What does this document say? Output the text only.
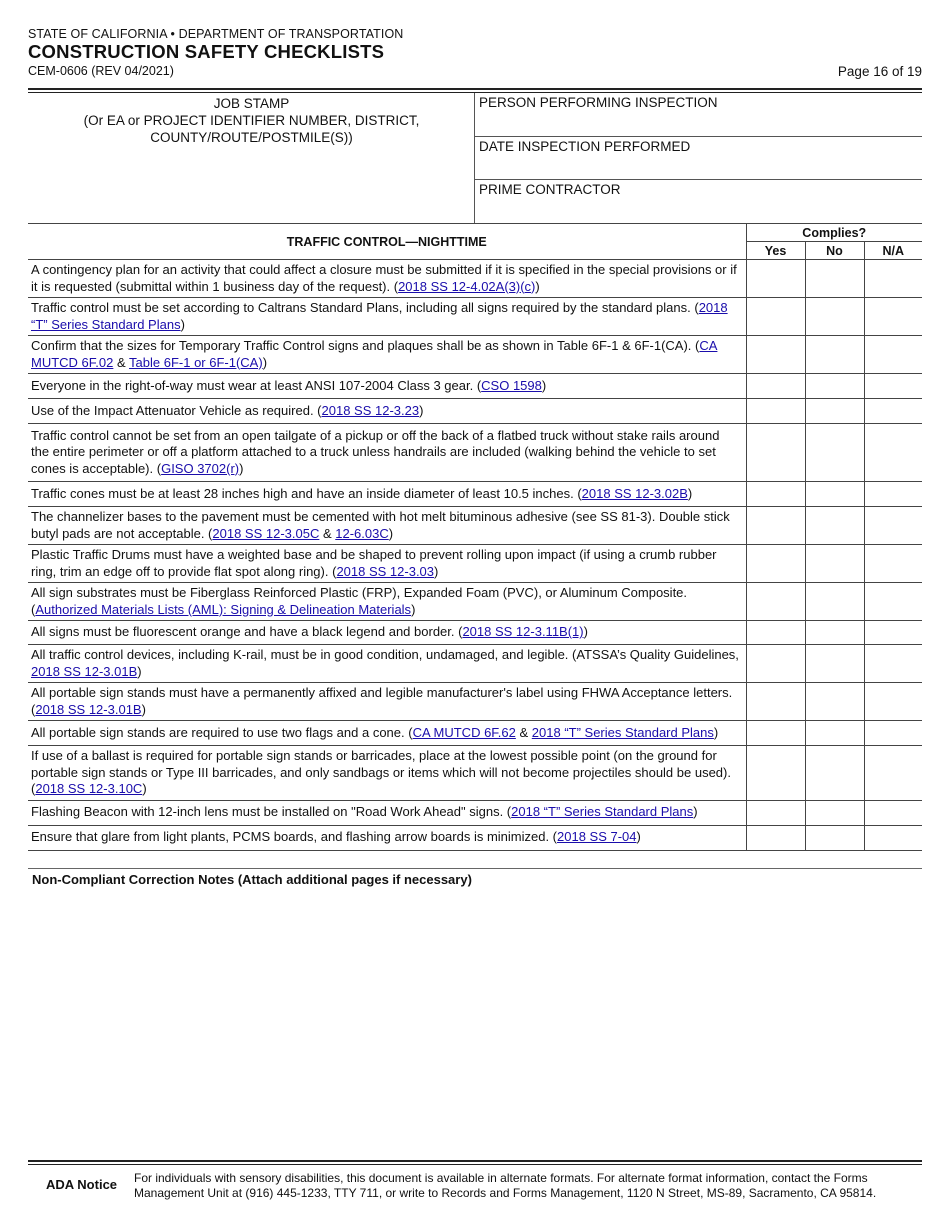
STATE OF CALIFORNIA • DEPARTMENT OF TRANSPORTATION
CONSTRUCTION SAFETY CHECKLISTS
CEM-0606 (REV 04/2021)	Page 16 of 19
JOB STAMP
(Or EA or PROJECT IDENTIFIER NUMBER, DISTRICT,
COUNTY/ROUTE/POSTMILE(S))
PERSON PERFORMING INSPECTION
DATE INSPECTION PERFORMED
PRIME CONTRACTOR
TRAFFIC CONTROL—NIGHTTIME	Complies?		
	Yes	No	N/A
A contingency plan for an activity that could affect a closure must be submitted if it is specified in the special provisions or if it is requested (submittal within 1 business day of the request). (2018 SS 12-4.02A(3)(c))			
Traffic control must be set according to Caltrans Standard Plans, including all signs required by the standard plans. (2018 “T” Series Standard Plans)			
Confirm that the sizes for Temporary Traffic Control signs and plaques shall be as shown in Table 6F-1 & 6F-1(CA). (CA MUTCD 6F.02 & Table 6F-1 or 6F-1(CA))			
Everyone in the right-of-way must wear at least ANSI 107-2004 Class 3 gear. (CSO 1598)			
Use of the Impact Attenuator Vehicle as required. (2018 SS 12-3.23)			
Traffic control cannot be set from an open tailgate of a pickup or off the back of a flatbed truck without stake rails around the entire perimeter or off a platform attached to a truck unless handrails are included (walking behind the vehicle to set cones is acceptable). (GISO 3702(r))			
Traffic cones must be at least 28 inches high and have an inside diameter of least 10.5 inches. (2018 SS 12-3.02B)			
The channelizer bases to the pavement must be cemented with hot melt bituminous adhesive (see SS 81-3). Double stick butyl pads are not acceptable. (2018 SS 12-3.05C & 12-6.03C)			
Plastic Traffic Drums must have a weighted base and be shaped to prevent rolling upon impact (if using a crumb rubber ring, trim an edge off to provide flat spot along ring). (2018 SS 12-3.03)			
All sign substrates must be Fiberglass Reinforced Plastic (FRP), Expanded Foam (PVC), or Aluminum Composite. (Authorized Materials Lists (AML): Signing & Delineation Materials)			
All signs must be fluorescent orange and have a black legend and border. (2018 SS 12-3.11B(1))			
All traffic control devices, including K-rail, must be in good condition, undamaged, and legible. (ATSSA’s Quality Guidelines, 2018 SS 12-3.01B)			
All portable sign stands must have a permanently affixed and legible manufacturer's label using FHWA Acceptance letters. (2018 SS 12-3.01B)			
All portable sign stands are required to use two flags and a cone. (CA MUTCD 6F.62 & 2018 “T” Series Standard Plans)			
If use of a ballast is required for portable sign stands or barricades, place at the lowest possible point (on the ground for portable sign stands or Type III barricades, and only sandbags or items which will not become projectiles should be used). (2018 SS 12-3.10C)			
Flashing Beacon with 12-inch lens must be installed on "Road Work Ahead" signs. (2018 “T” Series Standard Plans)			
Ensure that glare from light plants, PCMS boards, and flashing arrow boards is minimized. (2018 SS 7-04)			
Non-Compliant Correction Notes (Attach additional pages if necessary)
ADA Notice For individuals with sensory disabilities, this document is available in alternate formats. For alternate format information, contact the Forms Management Unit at (916) 445-1233, TTY 711, or write to Records and Forms Management, 1120 N Street, MS-89, Sacramento, CA 95814.
